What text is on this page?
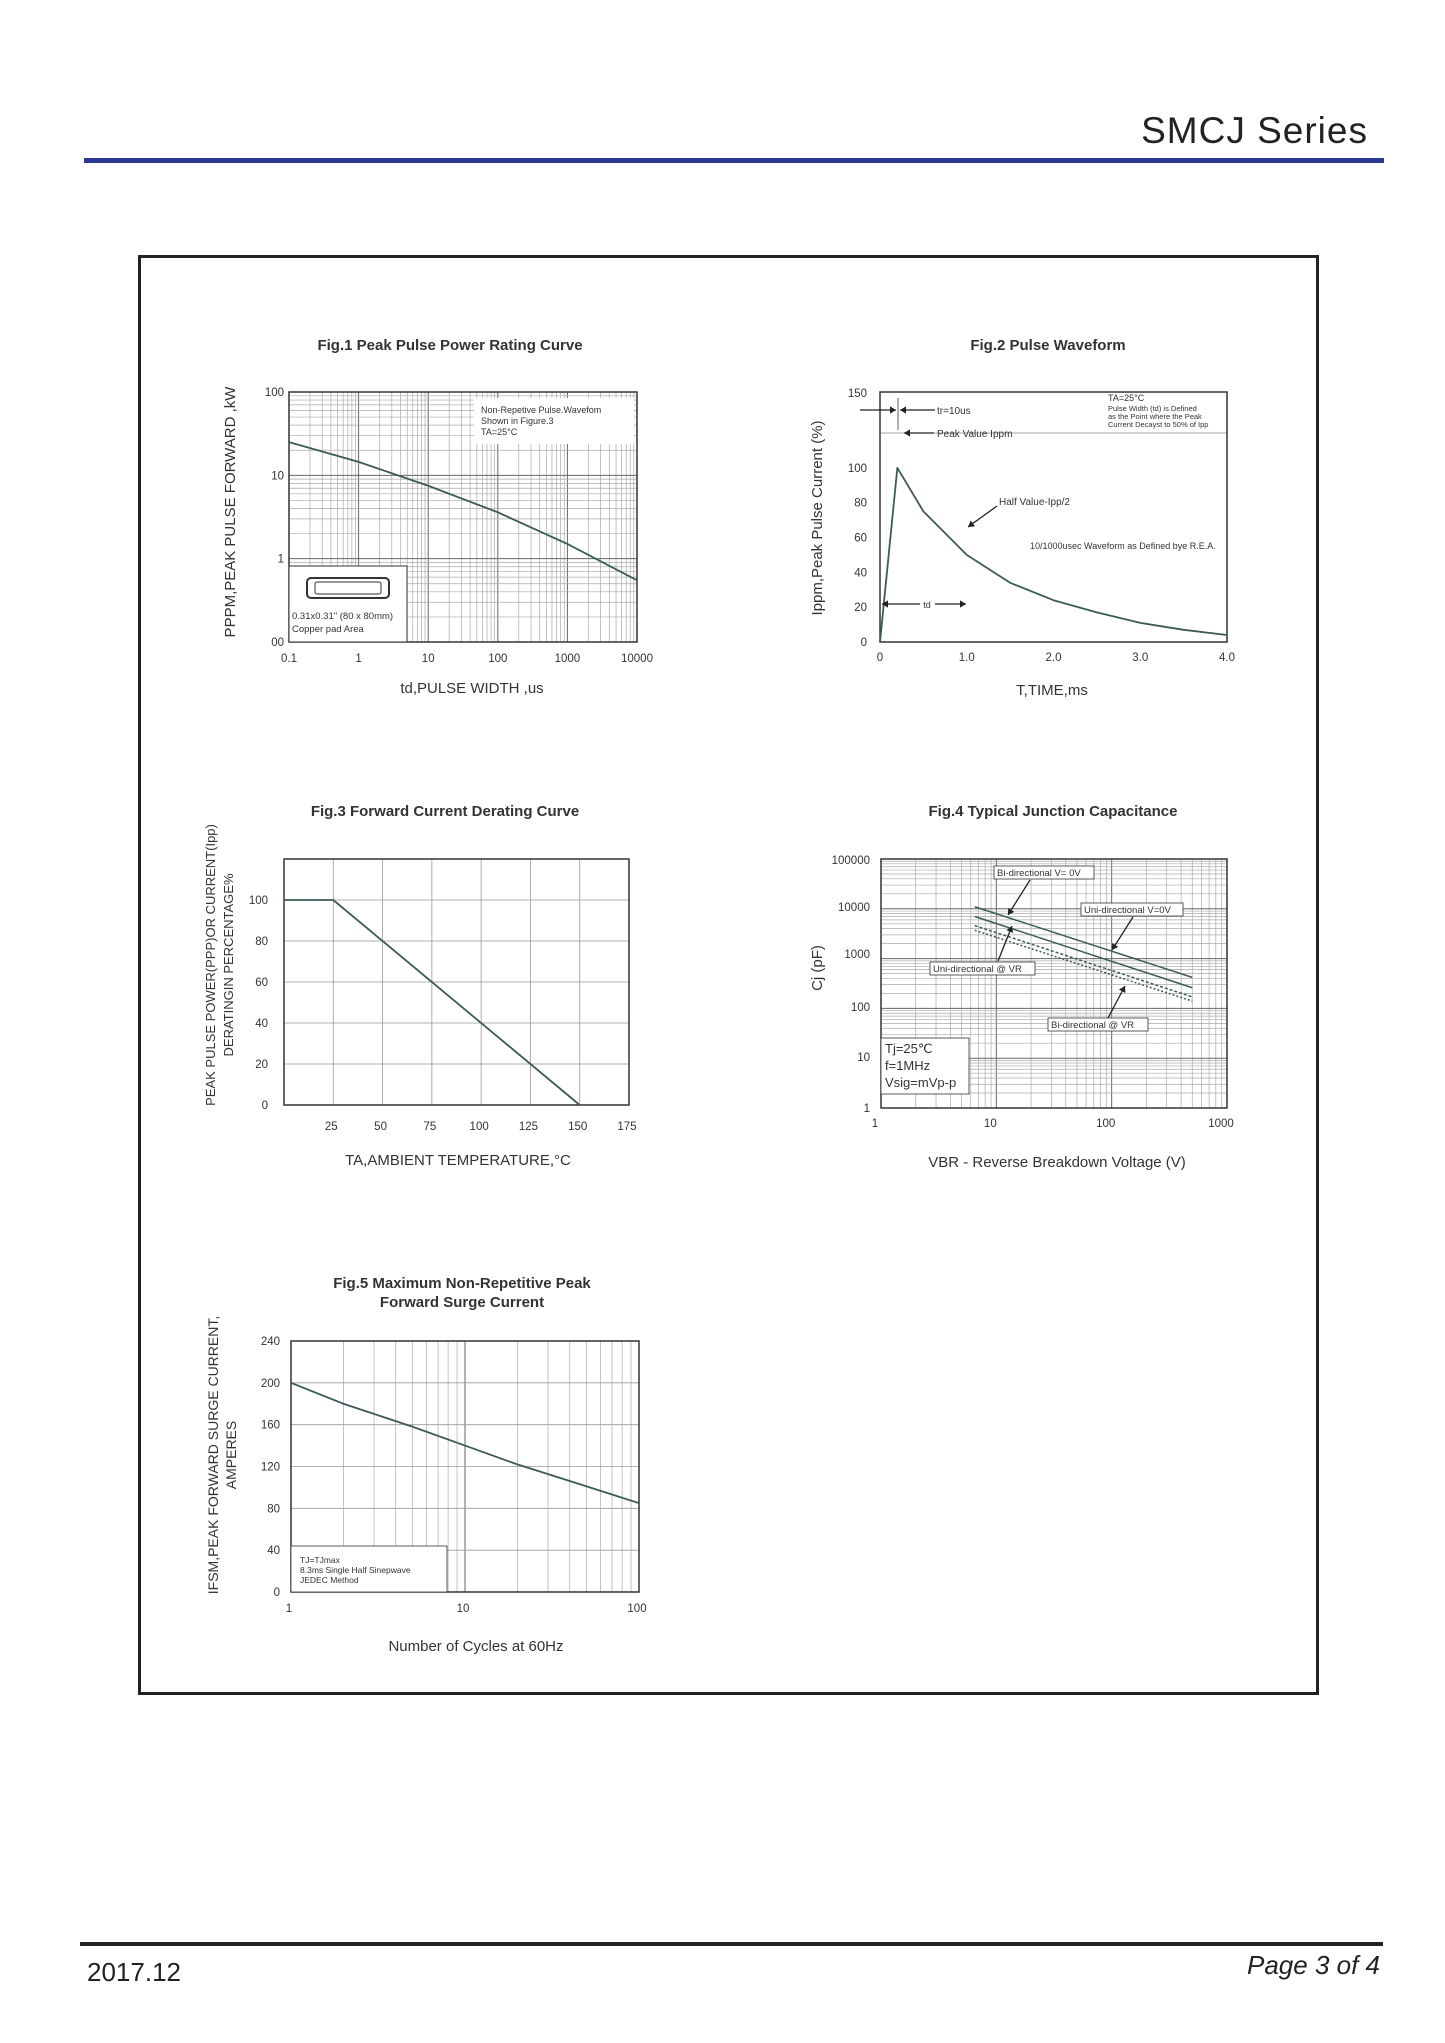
SMCJ Series
Fig.1 Peak Pulse Power Rating Curve
Non-Repetive Pulse.Wavefom
Shown in Figure.3
TA=25°C
0.31x0.31" (80 x 80mm)
Copper pad Area
00
1
10
100
0.1	1	10	100	1000	10000
td,PULSE WIDTH ,us
PPPM,PEAK PULSE FORWARD ,kW
Fig.2 Pulse Waveform
tr=10us
Peak Value Ippm
Half Value-Ipp/2
10/1000usec Waveform as Defined bye R.E.A.
td
TA=25°C
Pulse Width (td) is Defined
as the Point where the Peak
Current Decayst to 50% of Ipp
0
20
40
60
80
100
150
0	1.0	2.0	3.0	4.0
T,TIME,ms
Ippm,Peak Pulse Current (%)
Fig.3 Forward Current Derating Curve
0
20
40
60
80
100
25	50	75	100	125	150	175
TA,AMBIENT TEMPERATURE,°C
PEAK PULSE POWER(PPP)OR CURRENT(Ipp) DERATINGIN PERCENTAGE%
Fig.4 Typical Junction Capacitance
Bi-directional V= 0V
Uni-directional V=0V
Uni-directional @ VR
Bi-directional @ VR
Tj=25℃
f=1MHz
Vsig=mVp-p
1
10
100
1000
10000
100000
1	10	100	1000
VBR - Reverse Breakdown Voltage (V)
Cj (pF)
Fig.5 Maximum Non-Repetitive Peak
Forward Surge Current
TJ=TJmax
8.3ms Single Half Sinepwave
JEDEC Method
0
40
80
120
160
200
240
1	10	100
Number of Cycles at 60Hz
IFSM,PEAK FORWARD SURGE CURRENT, AMPERES
2017.12	Page 3 of 4
